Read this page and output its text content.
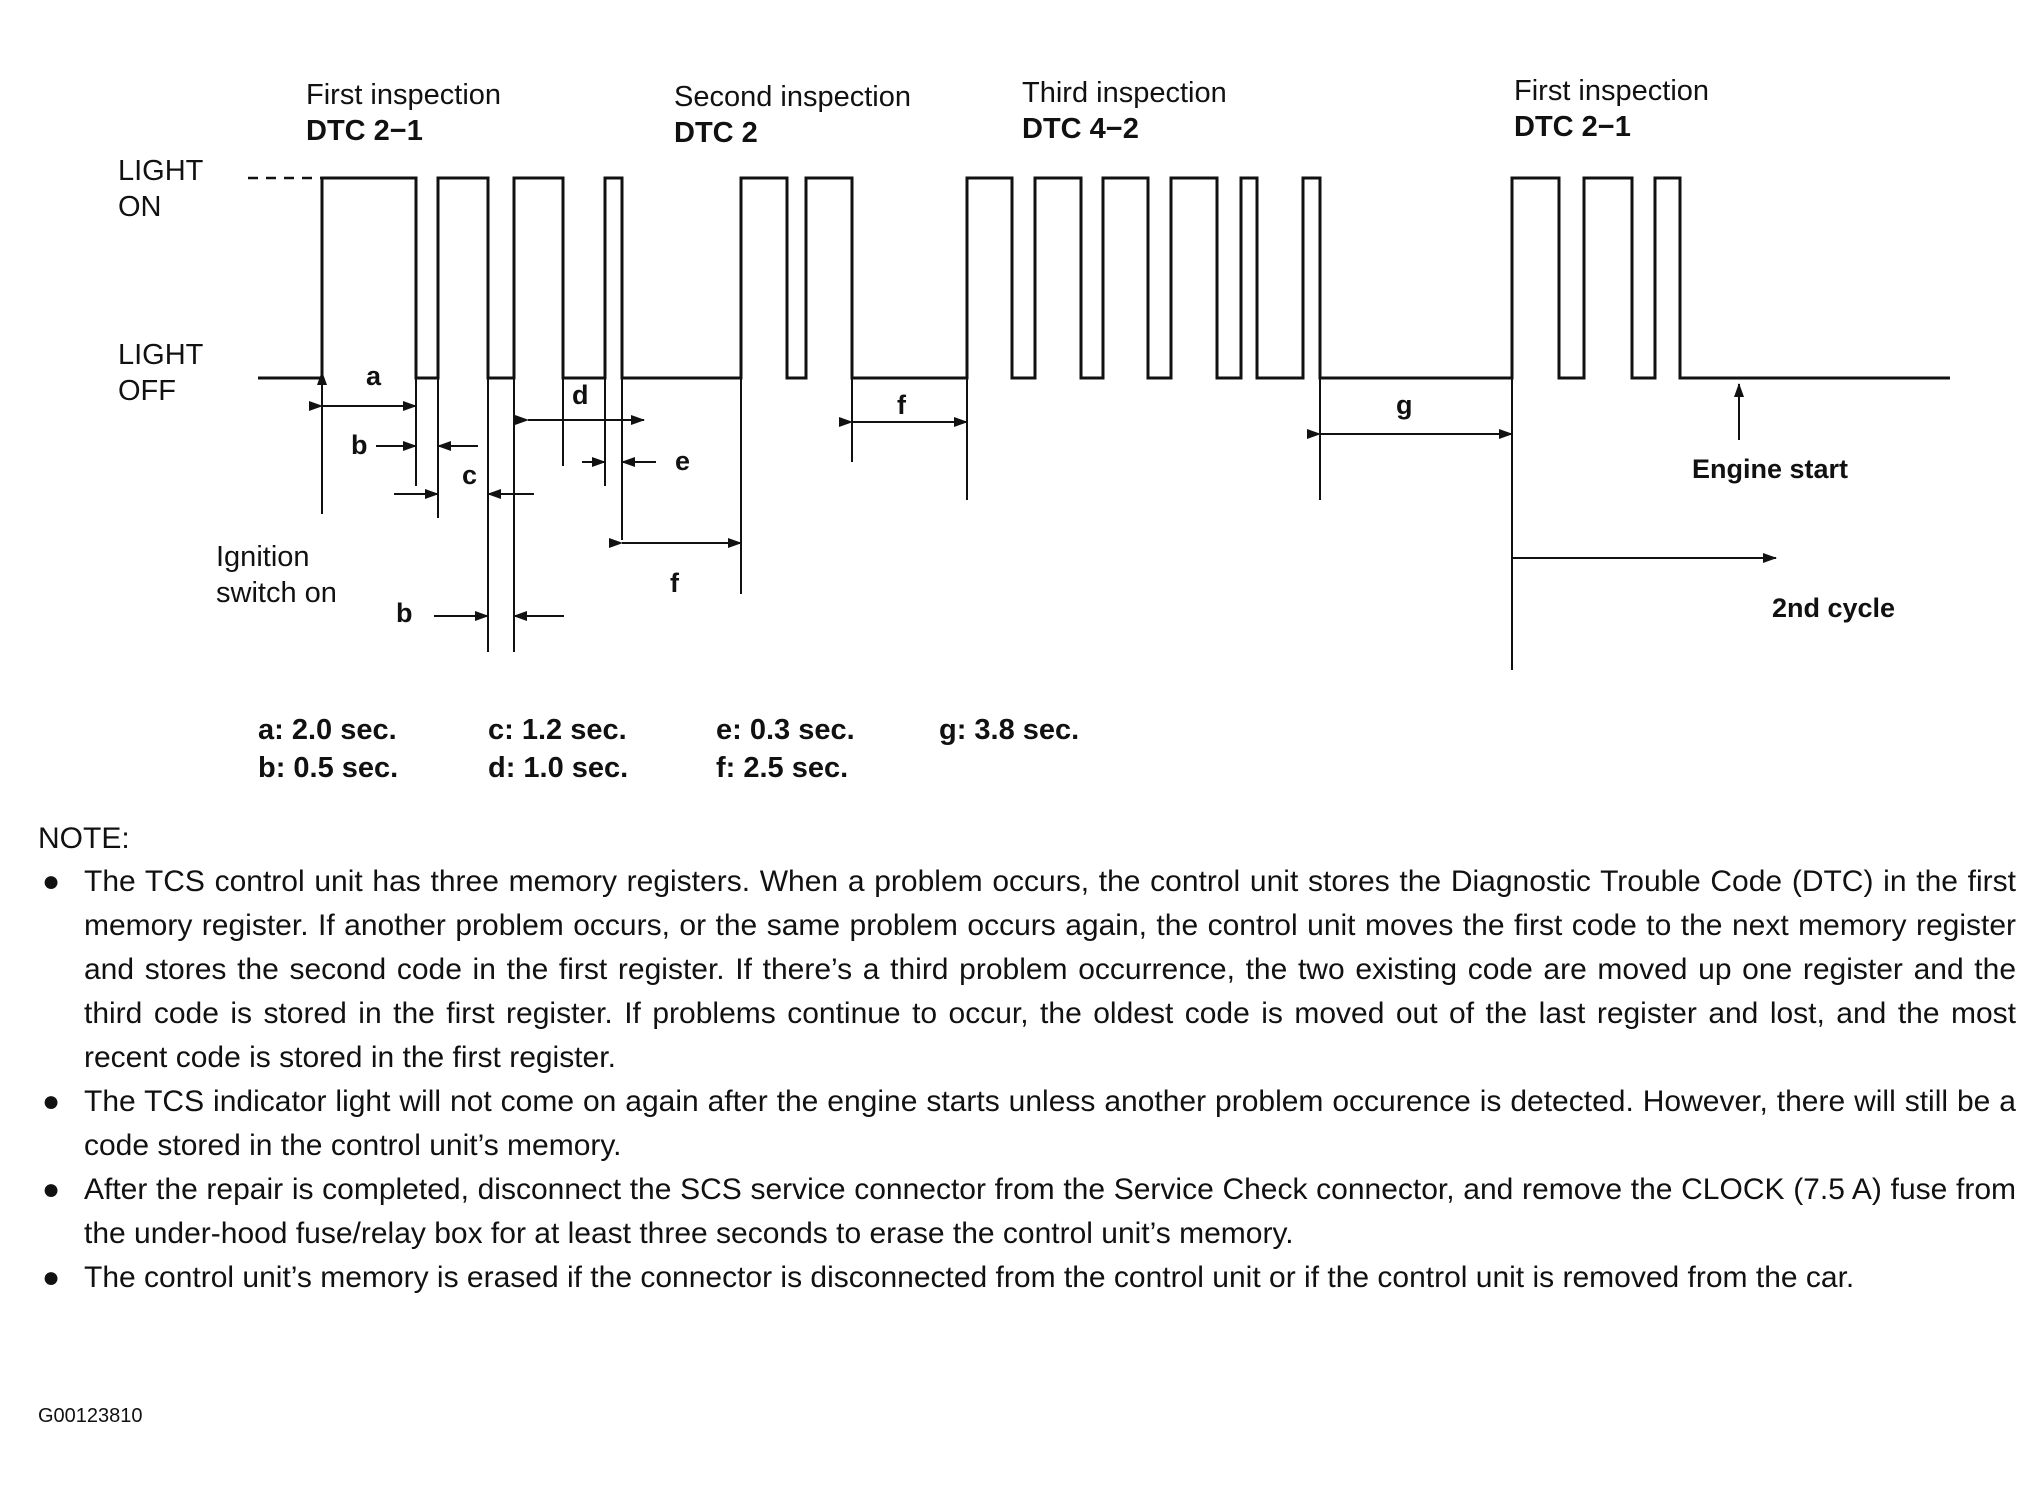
First inspection
DTC 2−1
Second inspection
DTC 2
Third inspection
DTC 4−2
First inspection
DTC 2−1
LIGHT
ON
LIGHT
OFF	a
b
c
d
e
f
f	g
b
Ignition
switch on
Engine start
2nd cycle
a: 2.0 sec.
b: 0.5 sec.
c: 1.2 sec.
d: 1.0 sec.
e: 0.3 sec.
f: 2.5 sec.
g: 3.8 sec.
NOTE:
● The TCS control unit has three memory registers. When a problem occurs, the control unit stores the Diagnostic Trouble Code (DTC) in the first memory register. If another problem occurs, or the same problem occurs again, the control unit moves the first code to the next memory register and stores the second code in the first register. If there’s a third problem occurrence, the two existing code are moved up one register and the third code is stored in the first register. If problems continue to occur, the oldest code is moved out of the last register and lost, and the most recent code is stored in the first register.
● The TCS indicator light will not come on again after the engine starts unless another problem occurence is detected. However, there will still be a code stored in the control unit’s memory.
● After the repair is completed, disconnect the SCS service connector from the Service Check connector, and remove the CLOCK (7.5 A) fuse from the under-hood fuse/relay box for at least three seconds to erase the control unit’s memory.
● The control unit’s memory is erased if the connector is disconnected from the control unit or if the control unit is removed from the car.
G00123810
